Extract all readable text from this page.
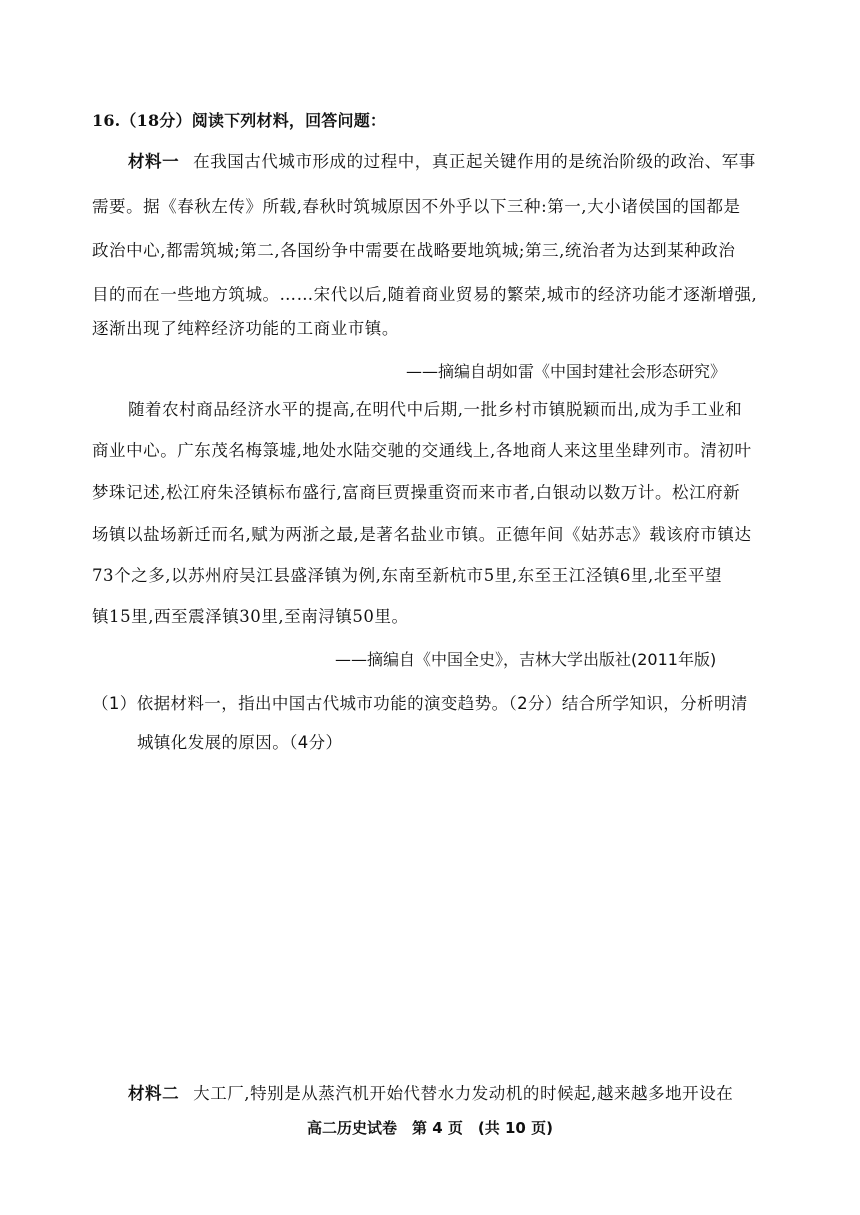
16.（18分）阅读下列材料，回答问题：
材料一 在我国古代城市形成的过程中，真正起关键作用的是统治阶级的政治、军事
需要。据《春秋左传》所载,春秋时筑城原因不外乎以下三种:第一,大小诸侯国的国都是
政治中心,都需筑城;第二,各国纷争中需要在战略要地筑城;第三,统治者为达到某种政治
目的而在一些地方筑城。……宋代以后,随着商业贸易的繁荣,城市的经济功能才逐渐增强,
逐渐出现了纯粹经济功能的工商业市镇。
——摘编自胡如雷《中国封建社会形态研究》
随着农村商品经济水平的提高,在明代中后期,一批乡村市镇脱颖而出,成为手工业和
商业中心。广东茂名梅箓墟,地处水陆交驰的交通线上,各地商人来这里坐肆列市。清初叶
梦珠记述,松江府朱泾镇标布盛行,富商巨贾操重资而来市者,白银动以数万计。松江府新
场镇以盐场新迁而名,赋为两浙之最,是著名盐业市镇。正德年间《姑苏志》载该府市镇达
73个之多,以苏州府吴江县盛泽镇为例,东南至新杭市5里,东至王江泾镇6里,北至平望
镇15里,西至震泽镇30里,至南浔镇50里。
——摘编自《中国全史》，吉林大学出版社(2011年版)
（1）依据材料一，指出中国古代城市功能的演变趋势。（2分）结合所学知识，分析明清
城镇化发展的原因。（4分）
材料二 大工厂,特别是从蒸汽机开始代替水力发动机的时候起,越来越多地开设在
高二历史试卷　第 4 页　(共 10 页)
